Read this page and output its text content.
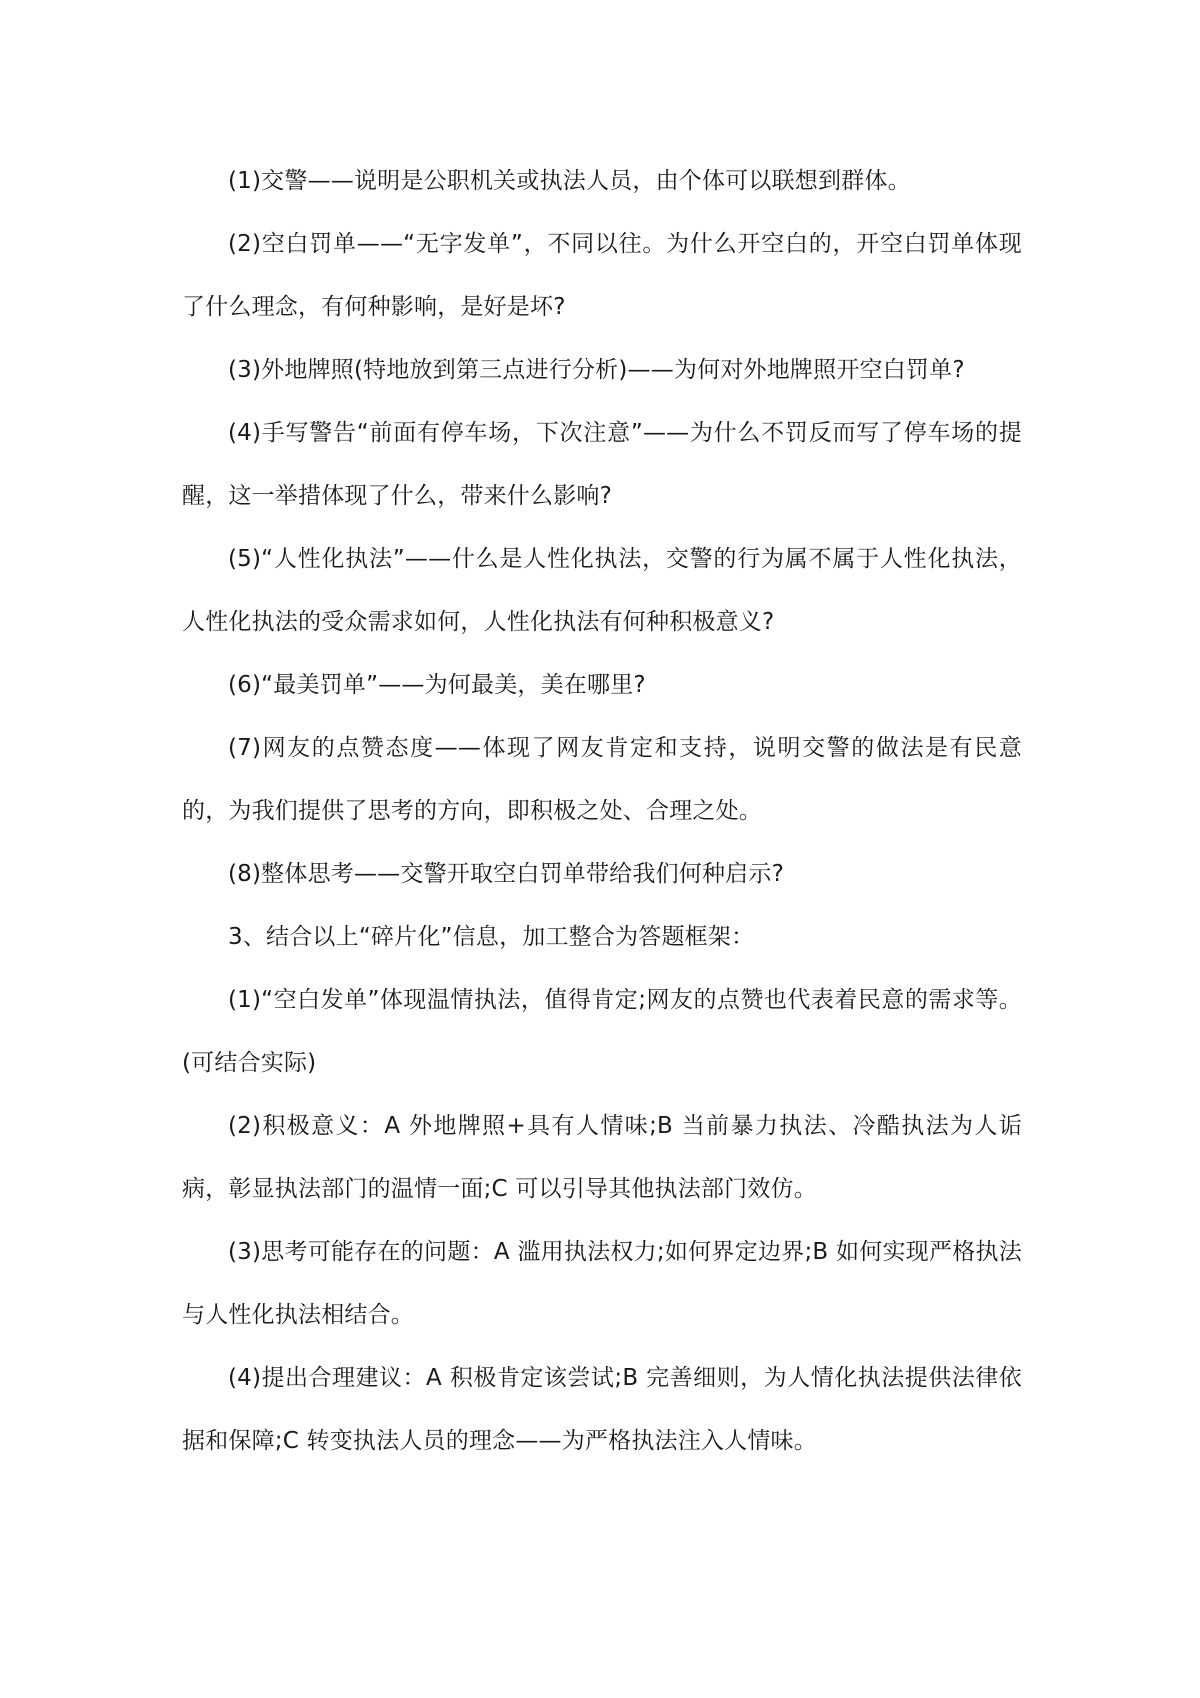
(1)交警——说明是公职机关或执法人员，由个体可以联想到群体。

(2)空白罚单——“无字发单”，不同以往。为什么开空白的，开空白罚单体现了什么理念，有何种影响，是好是坏?

(3)外地牌照(特地放到第三点进行分析)——为何对外地牌照开空白罚单?

(4)手写警告“前面有停车场，下次注意”——为什么不罚反而写了停车场的提醒，这一举措体现了什么，带来什么影响?

(5)“人性化执法”——什么是人性化执法，交警的行为属不属于人性化执法，人性化执法的受众需求如何，人性化执法有何种积极意义?

(6)“最美罚单”——为何最美，美在哪里?

(7)网友的点赞态度——体现了网友肯定和支持，说明交警的做法是有民意的，为我们提供了思考的方向，即积极之处、合理之处。

(8)整体思考——交警开取空白罚单带给我们何种启示?

3、结合以上“碎片化”信息，加工整合为答题框架：

(1)“空白发单”体现温情执法，值得肯定;网友的点赞也代表着民意的需求等。(可结合实际)

(2)积极意义：A 外地牌照+具有人情味;B 当前暴力执法、冷酷执法为人诟病，彰显执法部门的温情一面;C 可以引导其他执法部门效仿。

(3)思考可能存在的问题：A 滥用执法权力;如何界定边界;B 如何实现严格执法与人性化执法相结合。

(4)提出合理建议：A 积极肯定该尝试;B 完善细则，为人情化执法提供法律依据和保障;C 转变执法人员的理念——为严格执法注入人情味。
